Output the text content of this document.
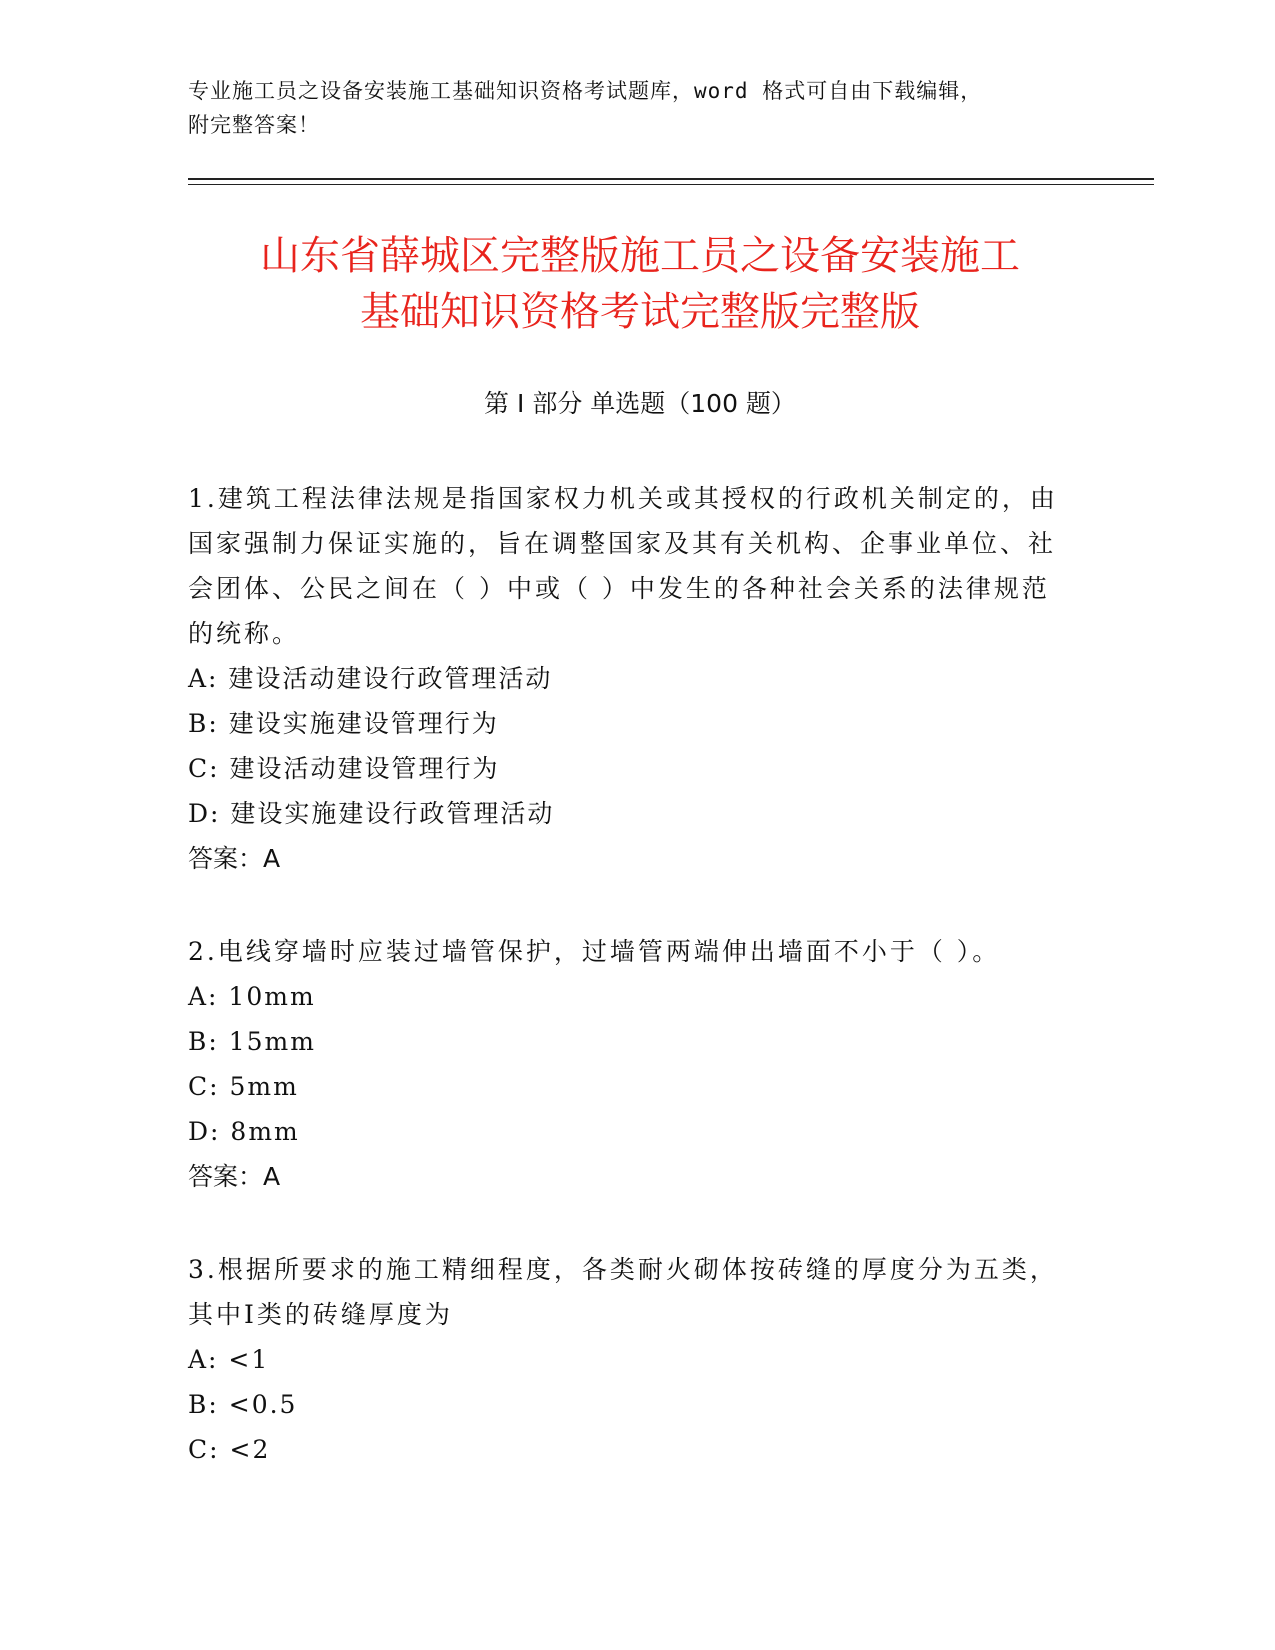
专业施工员之设备安装施工基础知识资格考试题库，word 格式可自由下载编辑，
附完整答案！
山东省薛城区完整版施工员之设备安装施工
基础知识资格考试完整版完整版
第 I 部分 单选题（100 题）
1.建筑工程法律法规是指国家权力机关或其授权的行政机关制定的，由国家强制力保证实施的，旨在调整国家及其有关机构、企事业单位、社会团体、公民之间在（ ）中或（ ）中发生的各种社会关系的法律规范的统称。
A: 建设活动建设行政管理活动
B: 建设实施建设管理行为
C: 建设活动建设管理行为
D: 建设实施建设行政管理活动
答案：A
2.电线穿墙时应装过墙管保护，过墙管两端伸出墙面不小于（ ）。
A: 10mm
B: 15mm
C: 5mm
D: 8mm
答案：A
3.根据所要求的施工精细程度，各类耐火砌体按砖缝的厚度分为五类，其中Ⅰ类的砖缝厚度为
A: <1
B: <0.5
C: <2
